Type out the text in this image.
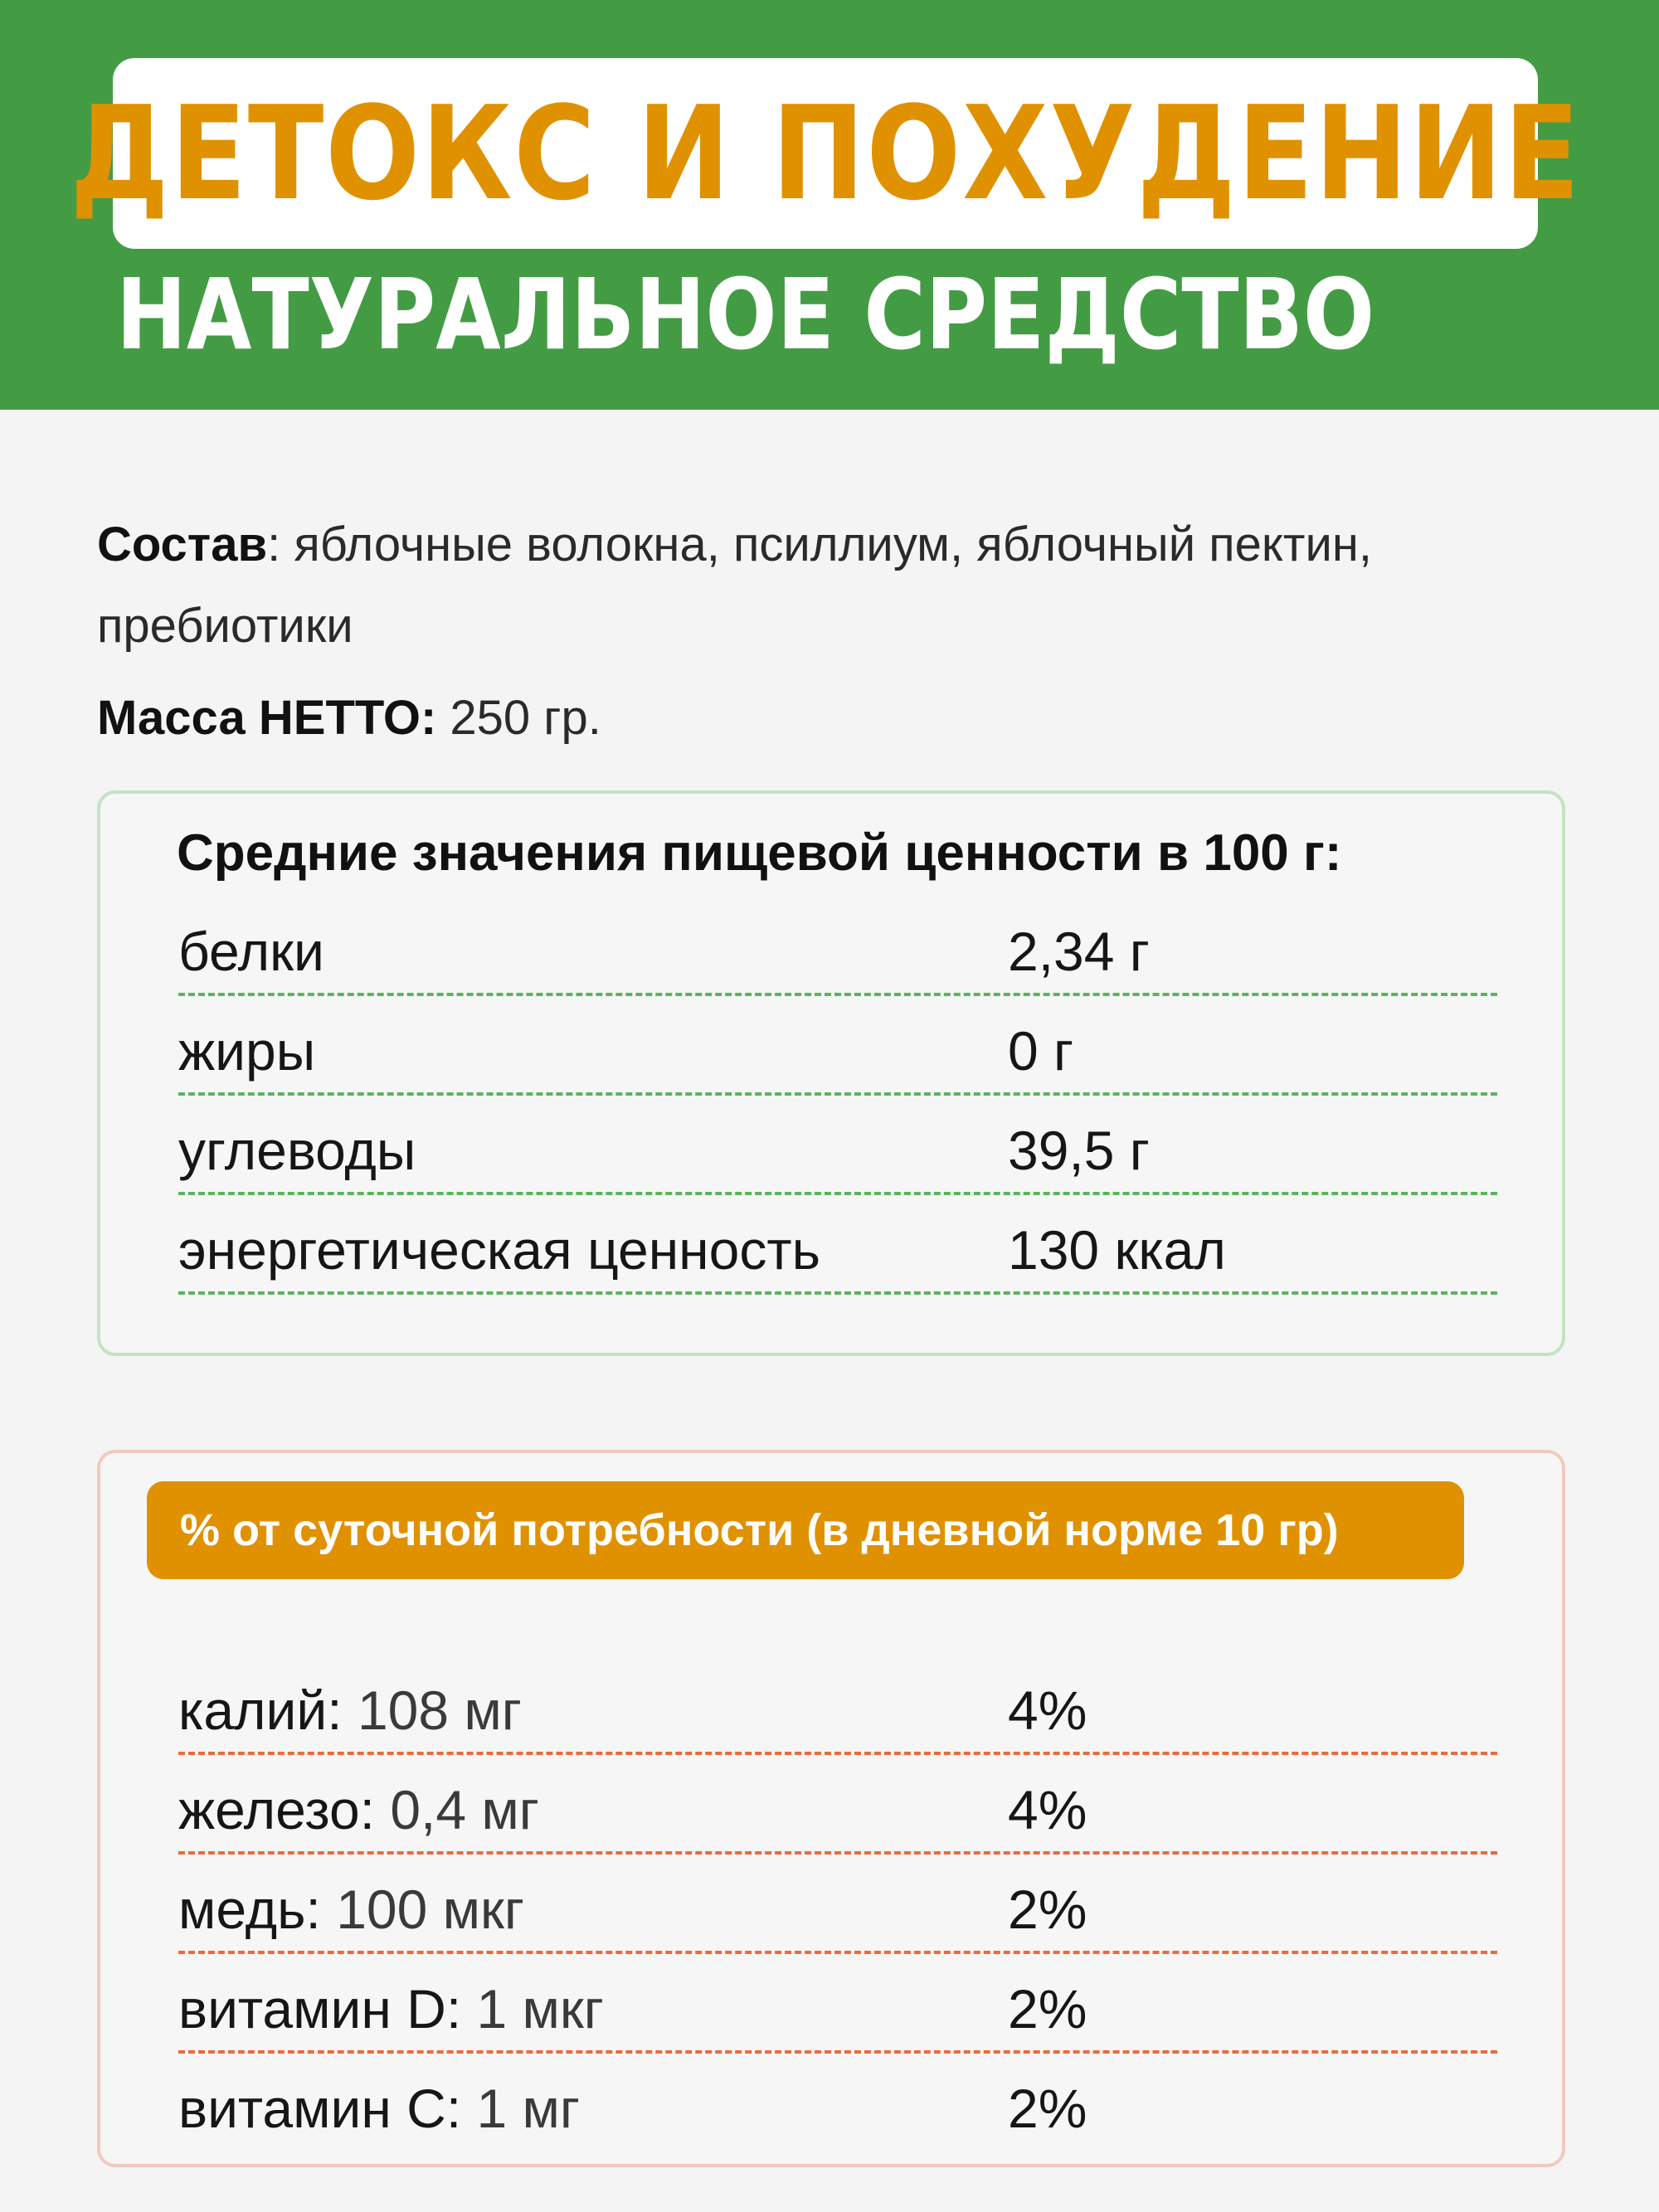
ДЕТОКС И ПОХУДЕНИЕ
НАТУРАЛЬНОЕ СРЕДСТВО
Состав: яблочные волокна, псиллиум, яблочный пектин, пребиотики
Масса НЕТТО: 250 гр.
Средние значения пищевой ценности в 100 г:
белки	2,34 г
жиры	0 г
углеводы	39,5 г
энергетическая ценность	130 ккал
% от суточной потребности (в дневной норме 10 гр)
калий: 108 мг	4%
железо: 0,4 мг	4%
медь: 100 мкг	2%
витамин D: 1 мкг	2%
витамин С: 1 мг	2%
